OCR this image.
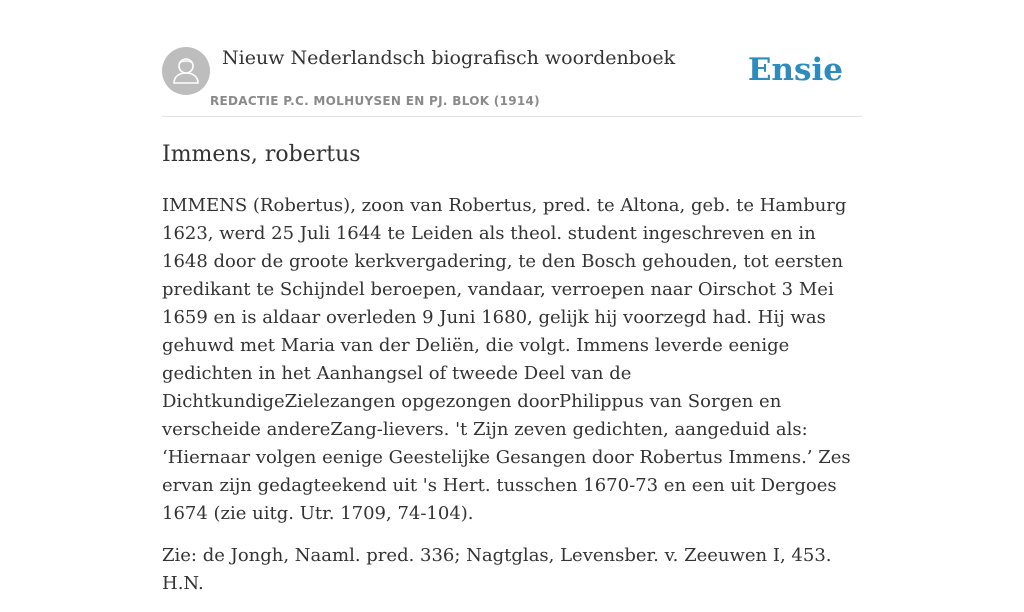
Nieuw Nederlandsch biografisch woordenboek
REDACTIE P.C. MOLHUYSEN EN PJ. BLOK (1914)
Ensie
Immens, robertus

IMMENS (Robertus), zoon van Robertus, pred. te Altona, geb. te Hamburg 1623, werd 25 Juli 1644 te Leiden als theol. student ingeschreven en in 1648 door de groote kerkvergadering, te den Bosch gehouden, tot eersten predikant te Schijndel beroepen, vandaar, verroepen naar Oirschot 3 Mei 1659 en is aldaar overleden 9 Juni 1680, gelijk hij voorzegd had. Hij was gehuwd met Maria van der Deliën, die volgt. Immens leverde eenige gedichten in het Aanhangsel of tweede Deel van de DichtkundigeZielezangen opgezongen doorPhilippus van Sorgen en verscheide andereZang-lievers. 't Zijn zeven gedichten, aangeduid als: ‘Hiernaar volgen eenige Geestelijke Gesangen door Robertus Immens.’ Zes ervan zijn gedagteekend uit 's Hert. tusschen 1670-73 en een uit Dergoes 1674 (zie uitg. Utr. 1709, 74-104).

Zie: de Jongh, Naaml. pred. 336; Nagtglas, Levensber. v. Zeeuwen I, 453. H.N.
